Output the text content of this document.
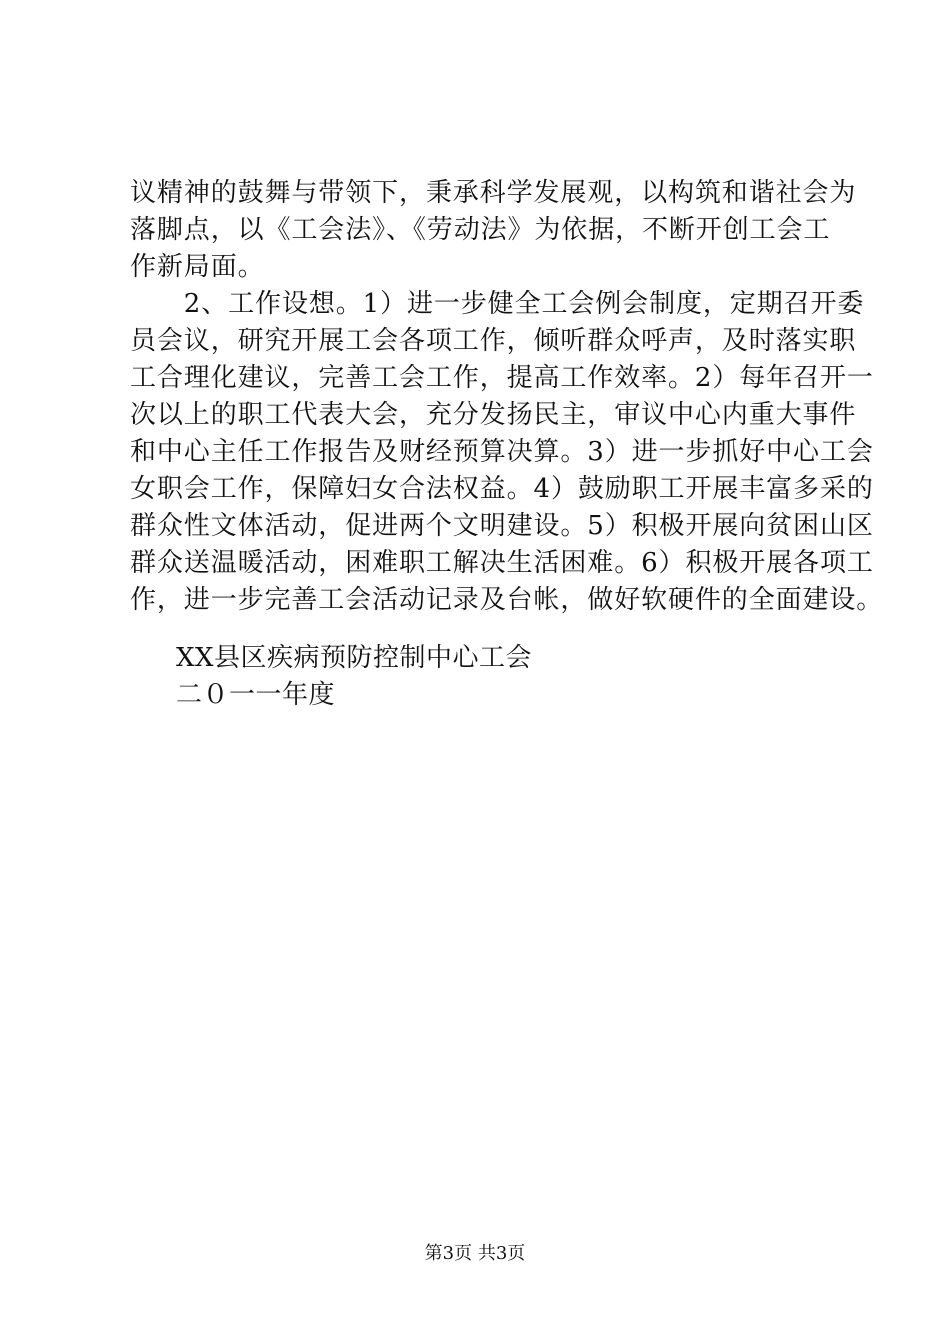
议精神的鼓舞与带领下，秉承科学发展观，以构筑和谐社会为
落脚点，以《工会法》、《劳动法》为依据，不断开创工会工
作新局面。
　　2、工作设想。1）进一步健全工会例会制度，定期召开委
员会议，研究开展工会各项工作，倾听群众呼声，及时落实职
工合理化建议，完善工会工作，提高工作效率。2）每年召开一
次以上的职工代表大会，充分发扬民主，审议中心内重大事件
和中心主任工作报告及财经预算决算。3）进一步抓好中心工会
女职会工作，保障妇女合法权益。4）鼓励职工开展丰富多采的
群众性文体活动，促进两个文明建设。5）积极开展向贫困山区
群众送温暖活动，困难职工解决生活困难。6）积极开展各项工
作，进一步完善工会活动记录及台帐，做好软硬件的全面建设。
XX县区疾病预防控制中心工会
二０一一年度
第3页 共3页
